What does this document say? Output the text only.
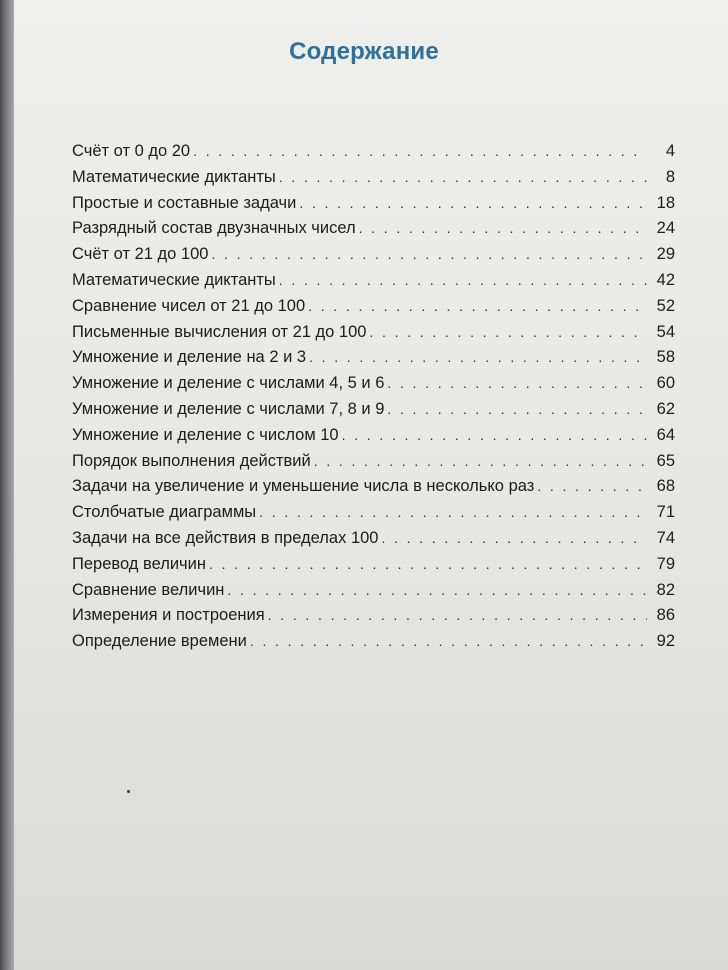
Содержание
Счёт от 0 до 20 . . .	4
Математические диктанты . . .	8
Простые и составные задачи . . .	18
Разрядный состав двузначных чисел . . .	24
Счёт от 21 до 100 . . .	29
Математические диктанты . . .	42
Сравнение чисел от 21 до 100 . . .	52
Письменные вычисления от 21 до 100 . . .	54
Умножение и деление на 2 и 3 . . .	58
Умножение и деление с числами 4, 5 и 6 . . .	60
Умножение и деление с числами 7, 8 и 9 . . .	62
Умножение и деление с числом 10 . . .	64
Порядок выполнения действий . . .	65
Задачи на увеличение и уменьшение числа в несколько раз . . .	68
Столбчатые диаграммы . . .	71
Задачи на все действия в пределах 100 . . .	74
Перевод величин . . .	79
Сравнение величин . . .	82
Измерения и построения . . .	86
Определение времени . . .	92
